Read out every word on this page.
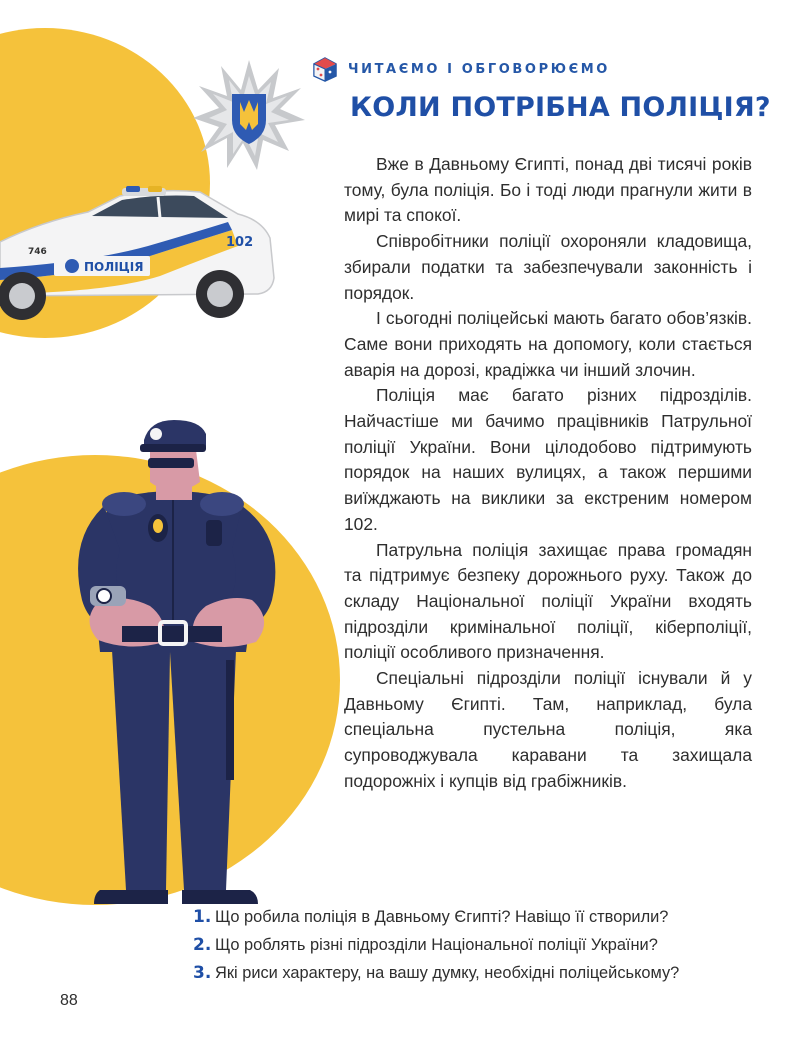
ПОЛІЦІЯ
102
746
ЧИТАЄМО І ОБГОВОРЮЄМО
КОЛИ ПОТРІБНА ПОЛІЦІЯ?

Вже в Давньому Єгипті, понад дві тисячі років тому, була поліція. Бо і тоді люди прагнули жити в мирі та спокої.

Співробітники поліції охороняли кладовища, збирали податки та забезпечували законність і порядок.

І сьогодні поліцейські мають багато обов’язків. Саме вони приходять на допомогу, коли стається аварія на дорозі, крадіжка чи інший злочин.

Поліція має багато різних підрозділів. Найчастіше ми бачимо працівників Патрульної поліції України. Вони цілодобово підтримують порядок на наших вулицях, а також першими виїжджають на виклики за екстреним номером 102.

Патрульна поліція захищає права громадян та підтримує безпеку дорожнього руху. Також до складу Національної поліції України входять підрозділи кримінальної поліції, кіберполіції, поліції особливого призначення.

Спеціальні підрозділи поліції існували й у Давньому Єгипті. Там, наприклад, була спеціальна пустельна поліція, яка супроводжувала каравани та захищала подорожніх і купців від грабіжників.

1. Що робила поліція в Давньому Єгипті? Навіщо її створили?
2. Що роблять різні підрозділи Національної поліції України?
3. Які риси характеру, на вашу думку, необхідні поліцейському?
88
